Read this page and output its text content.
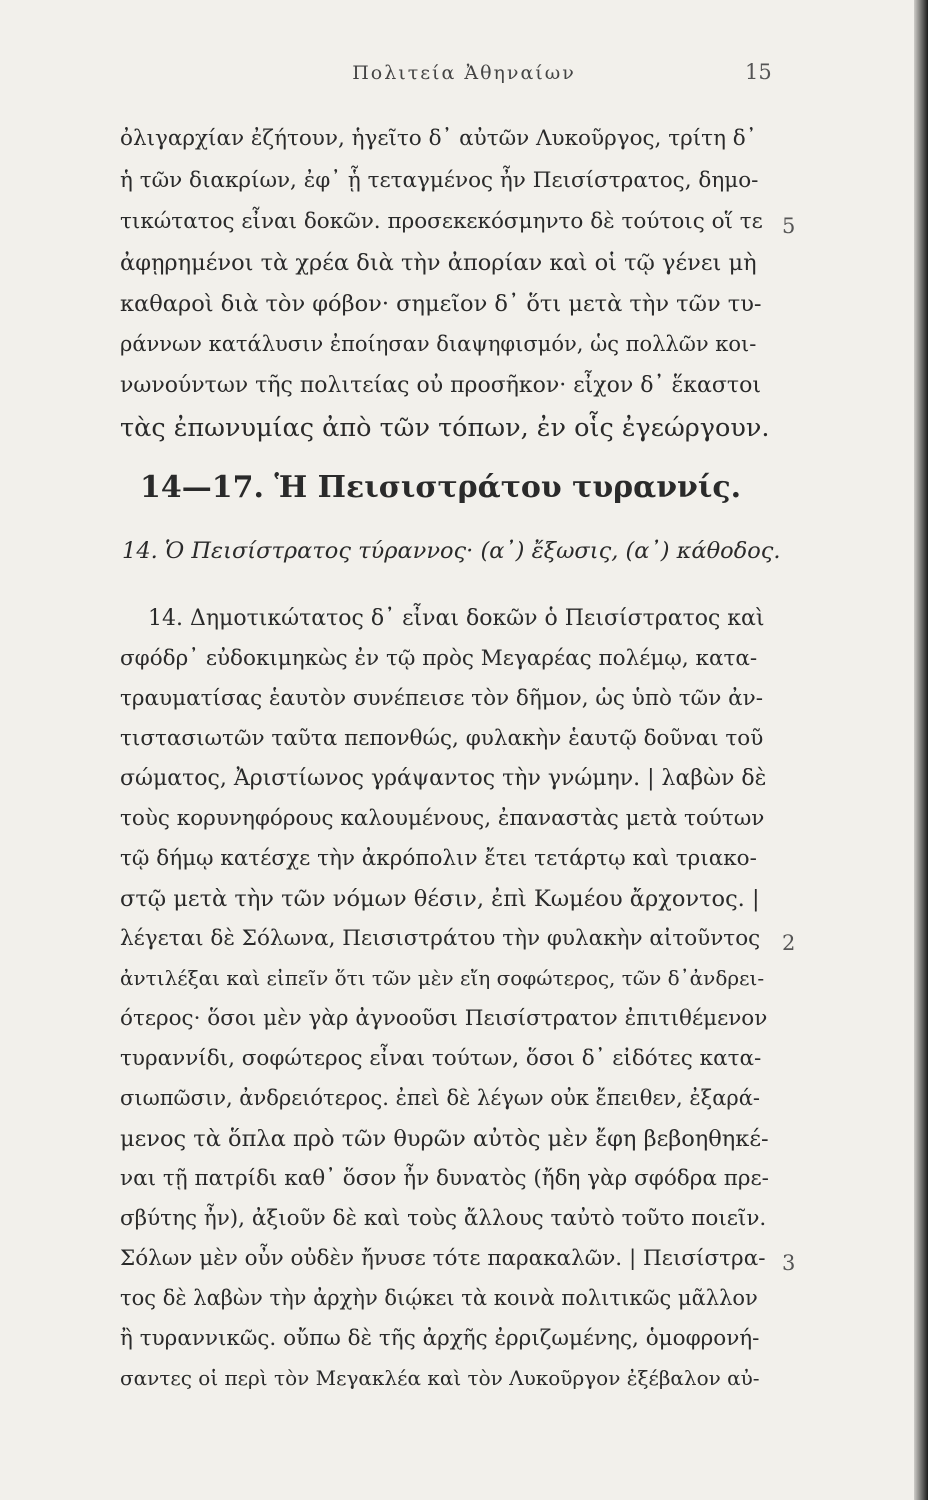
Πολιτεία Ἀθηναίων	15

ὀλιγαρχίαν ἐζήτουν, ἡγεῖτο δ᾽ αὐτῶν Λυκοῦργος, τρίτη δ᾽

ἡ τῶν διακρίων, ἐφ᾽ ᾗ τεταγμένος ἦν Πεισίστρατος, δημο-

τικώτατος εἶναι δοκῶν. προσεκεκόσμηντο δὲ τούτοις οἵ τε

ἀφῃρημένοι τὰ χρέα διὰ τὴν ἀπορίαν καὶ οἱ τῷ γένει μὴ

καθαροὶ διὰ τὸν φόβον· σημεῖον δ᾽ ὅτι μετὰ τὴν τῶν τυ-

ράννων κατάλυσιν ἐποίησαν διαψηφισμόν, ὡς πολλῶν κοι-

νωνούντων τῆς πολιτείας οὐ προσῆκον· εἶχον δ᾽ ἕκαστοι

τὰς ἐπωνυμίας ἀπὸ τῶν τόπων, ἐν οἷς ἐγεώργουν.

14—17. Ἡ Πεισιστράτου τυραννίς.
14. Ὁ Πεισίστρατος τύραννος· (α᾽) ἔξωσις, (α᾽) κάθοδος.

14. Δημοτικώτατος δ᾽ εἶναι δοκῶν ὁ Πεισίστρατος καὶ

σφόδρ᾽ εὐδοκιμηκὼς ἐν τῷ πρὸς Μεγαρέας πολέμῳ, κατα-

τραυματίσας ἑαυτὸν συνέπεισε τὸν δῆμον, ὡς ὑπὸ τῶν ἀν-

τιστασιωτῶν ταῦτα πεπονθώς, φυλακὴν ἑαυτῷ δοῦναι τοῦ

σώματος, Ἀριστίωνος γράψαντος τὴν γνώμην. | λαβὼν δὲ

τοὺς κορυνηφόρους καλουμένους, ἐπαναστὰς μετὰ τούτων

τῷ δήμῳ κατέσχε τὴν ἀκρόπολιν ἔτει τετάρτῳ καὶ τριακο-

στῷ μετὰ τὴν τῶν νόμων θέσιν, ἐπὶ Κωμέου ἄρχοντος. |

λέγεται δὲ Σόλωνα, Πεισιστράτου τὴν φυλακὴν αἰτοῦντος

ἀντιλέξαι καὶ εἰπεῖν ὅτι τῶν μὲν εἴη σοφώτερος, τῶν δ᾽ἀνδρει-

ότερος· ὅσοι μὲν γὰρ ἀγνοοῦσι Πεισίστρατον ἐπιτιθέμενον

τυραννίδι, σοφώτερος εἶναι τούτων, ὅσοι δ᾽ εἰδότες κατα-

σιωπῶσιν, ἀνδρειότερος. ἐπεὶ δὲ λέγων οὐκ ἔπειθεν, ἐξαρά-

μενος τὰ ὅπλα πρὸ τῶν θυρῶν αὐτὸς μὲν ἔφη βεβοηθηκέ-

ναι τῇ πατρίδι καθ᾽ ὅσον ἦν δυνατὸς (ἤδη γὰρ σφόδρα πρε-

σβύτης ἦν), ἀξιοῦν δὲ καὶ τοὺς ἄλλους ταὐτὸ τοῦτο ποιεῖν.

Σόλων μὲν οὖν οὐδὲν ἤνυσε τότε παρακαλῶν. | Πεισίστρα-

τος δὲ λαβὼν τὴν ἀρχὴν διῴκει τὰ κοινὰ πολιτικῶς μᾶλλον

ἢ τυραννικῶς. οὔπω δὲ τῆς ἀρχῆς ἐρριζωμένης, ὁμοφρονή-

σαντες οἱ περὶ τὸν Μεγακλέα καὶ τὸν Λυκοῦργον ἐξέβαλον αὐ-

5
2
3
